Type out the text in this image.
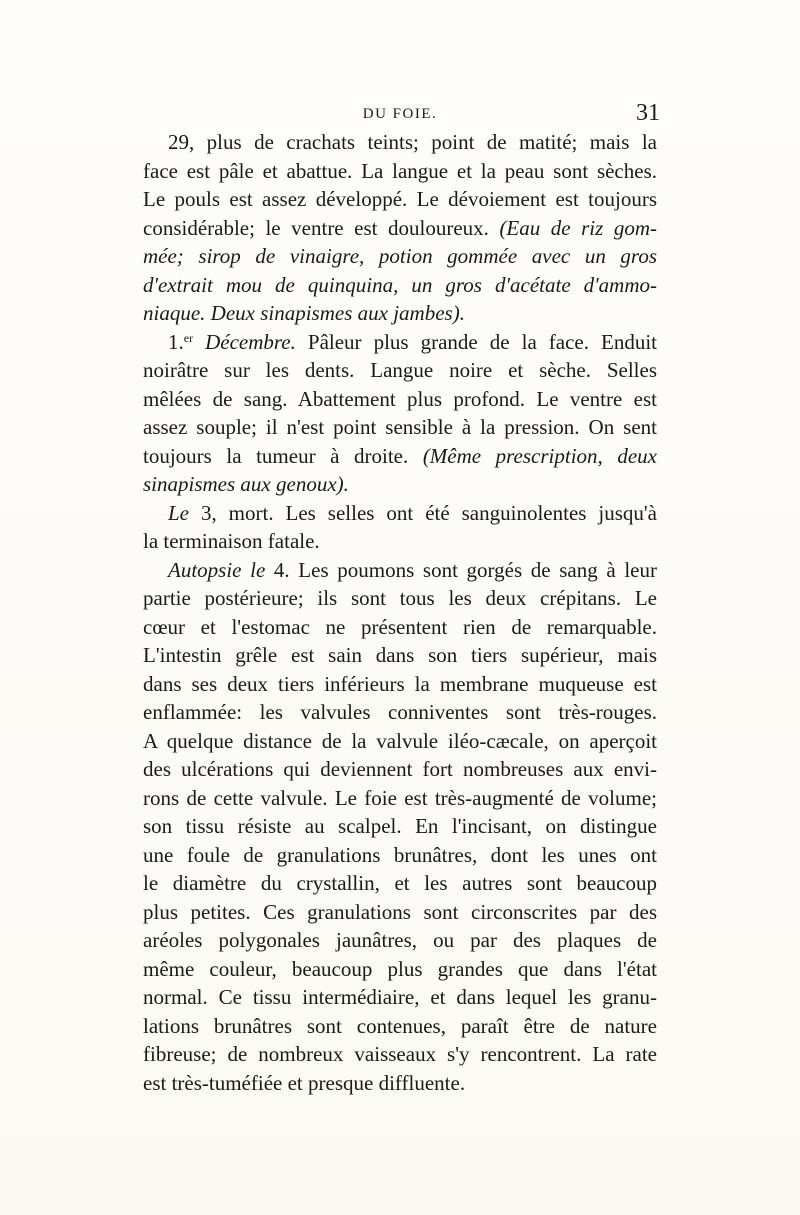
DU FOIE.	31
29, plus de crachats teints; point de matité; mais la
face est pâle et abattue. La langue et la peau sont sèches.
Le pouls est assez développé. Le dévoiement est toujours
considérable; le ventre est douloureux. (Eau de riz gom-
mée; sirop de vinaigre, potion gommée avec un gros
d'extrait mou de quinquina, un gros d'acétate d'ammo-
niaque. Deux sinapismes aux jambes).
1.$^{er}$ Décembre. Pâleur plus grande de la face. Enduit
noirâtre sur les dents. Langue noire et sèche. Selles
mêlées de sang. Abattement plus profond. Le ventre est
assez souple; il n'est point sensible à la pression. On sent
toujours la tumeur à droite. (Même prescription, deux
sinapismes aux genoux).
Le 3, mort. Les selles ont été sanguinolentes jusqu'à
la terminaison fatale.
Autopsie le 4. Les poumons sont gorgés de sang à leur
partie postérieure; ils sont tous les deux crépitans. Le
cœur et l'estomac ne présentent rien de remarquable.
L'intestin grêle est sain dans son tiers supérieur, mais
dans ses deux tiers inférieurs la membrane muqueuse est
enflammée: les valvules conniventes sont très-rouges.
A quelque distance de la valvule iléo-cæcale, on aperçoit
des ulcérations qui deviennent fort nombreuses aux envi-
rons de cette valvule. Le foie est très-augmenté de volume;
son tissu résiste au scalpel. En l'incisant, on distingue
une foule de granulations brunâtres, dont les unes ont
le diamètre du crystallin, et les autres sont beaucoup
plus petites. Ces granulations sont circonscrites par des
aréoles polygonales jaunâtres, ou par des plaques de
même couleur, beaucoup plus grandes que dans l'état
normal. Ce tissu intermédiaire, et dans lequel les granu-
lations brunâtres sont contenues, paraît être de nature
fibreuse; de nombreux vaisseaux s'y rencontrent. La rate
est très-tuméfiée et presque diffluente.
